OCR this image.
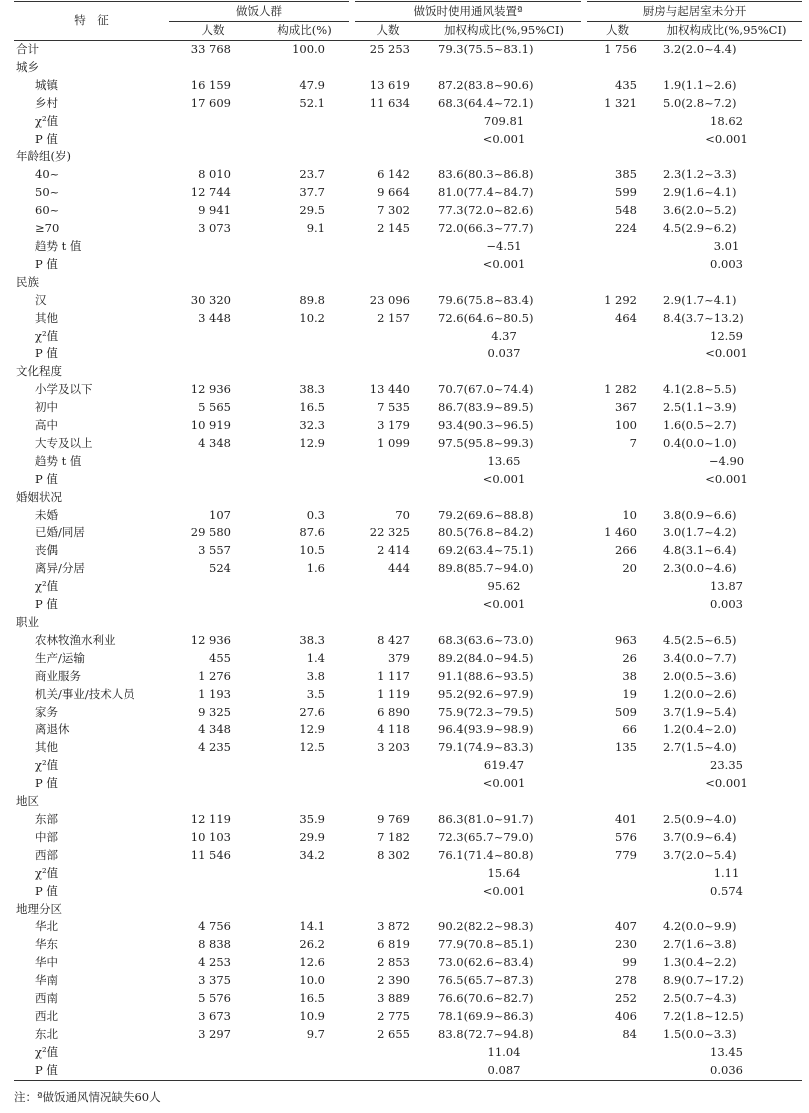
特　征	做饭人群		做饭时使用通风装置ª		厨房与起居室未分开	
	人数	构成比(%)	人数	加权构成比(%,95%CI)	人数	加权构成比(%,95%CI)
合计	33 768	100.0	25 253	79.3(75.5~83.1)	1 756	3.2(2.0~4.4)
城乡						
城镇	16 159	47.9	13 619	87.2(83.8~90.6)	435	1.9(1.1~2.6)
乡村	17 609	52.1	11 634	68.3(64.4~72.1)	1 321	5.0(2.8~7.2)
χ²值				709.81		18.62
P 值				<0.001		<0.001
年龄组(岁)						
40~	8 010	23.7	6 142	83.6(80.3~86.8)	385	2.3(1.2~3.3)
50~	12 744	37.7	9 664	81.0(77.4~84.7)	599	2.9(1.6~4.1)
60~	9 941	29.5	7 302	77.3(72.0~82.6)	548	3.6(2.0~5.2)
≥70	3 073	9.1	2 145	72.0(66.3~77.7)	224	4.5(2.9~6.2)
趋势 t 值				−4.51		3.01
P 值				<0.001		0.003
民族						
汉	30 320	89.8	23 096	79.6(75.8~83.4)	1 292	2.9(1.7~4.1)
其他	3 448	10.2	2 157	72.6(64.6~80.5)	464	8.4(3.7~13.2)
χ²值				4.37		12.59
P 值				0.037		<0.001
文化程度						
小学及以下	12 936	38.3	13 440	70.7(67.0~74.4)	1 282	4.1(2.8~5.5)
初中	5 565	16.5	7 535	86.7(83.9~89.5)	367	2.5(1.1~3.9)
高中	10 919	32.3	3 179	93.4(90.3~96.5)	100	1.6(0.5~2.7)
大专及以上	4 348	12.9	1 099	97.5(95.8~99.3)	7	0.4(0.0~1.0)
趋势 t 值				13.65		−4.90
P 值				<0.001		<0.001
婚姻状况						
未婚	107	0.3	70	79.2(69.6~88.8)	10	3.8(0.9~6.6)
已婚/同居	29 580	87.6	22 325	80.5(76.8~84.2)	1 460	3.0(1.7~4.2)
丧偶	3 557	10.5	2 414	69.2(63.4~75.1)	266	4.8(3.1~6.4)
离异/分居	524	1.6	444	89.8(85.7~94.0)	20	2.3(0.0~4.6)
χ²值				95.62		13.87
P 值				<0.001		0.003
职业						
农林牧渔水利业	12 936	38.3	8 427	68.3(63.6~73.0)	963	4.5(2.5~6.5)
生产/运输	455	1.4	379	89.2(84.0~94.5)	26	3.4(0.0~7.7)
商业服务	1 276	3.8	1 117	91.1(88.6~93.5)	38	2.0(0.5~3.6)
机关/事业/技术人员	1 193	3.5	1 119	95.2(92.6~97.9)	19	1.2(0.0~2.6)
家务	9 325	27.6	6 890	75.9(72.3~79.5)	509	3.7(1.9~5.4)
离退休	4 348	12.9	4 118	96.4(93.9~98.9)	66	1.2(0.4~2.0)
其他	4 235	12.5	3 203	79.1(74.9~83.3)	135	2.7(1.5~4.0)
χ²值				619.47		23.35
P 值				<0.001		<0.001
地区						
东部	12 119	35.9	9 769	86.3(81.0~91.7)	401	2.5(0.9~4.0)
中部	10 103	29.9	7 182	72.3(65.7~79.0)	576	3.7(0.9~6.4)
西部	11 546	34.2	8 302	76.1(71.4~80.8)	779	3.7(2.0~5.4)
χ²值				15.64		1.11
P 值				<0.001		0.574
地理分区						
华北	4 756	14.1	3 872	90.2(82.2~98.3)	407	4.2(0.0~9.9)
华东	8 838	26.2	6 819	77.9(70.8~85.1)	230	2.7(1.6~3.8)
华中	4 253	12.6	2 853	73.0(62.6~83.4)	99	1.3(0.4~2.2)
华南	3 375	10.0	2 390	76.5(65.7~87.3)	278	8.9(0.7~17.2)
西南	5 576	16.5	3 889	76.6(70.6~82.7)	252	2.5(0.7~4.3)
西北	3 673	10.9	2 775	78.1(69.9~86.3)	406	7.2(1.8~12.5)
东北	3 297	9.7	2 655	83.8(72.7~94.8)	84	1.5(0.0~3.3)
χ²值				11.04		13.45
P 值				0.087		0.036
注：ª做饭通风情况缺失60人
